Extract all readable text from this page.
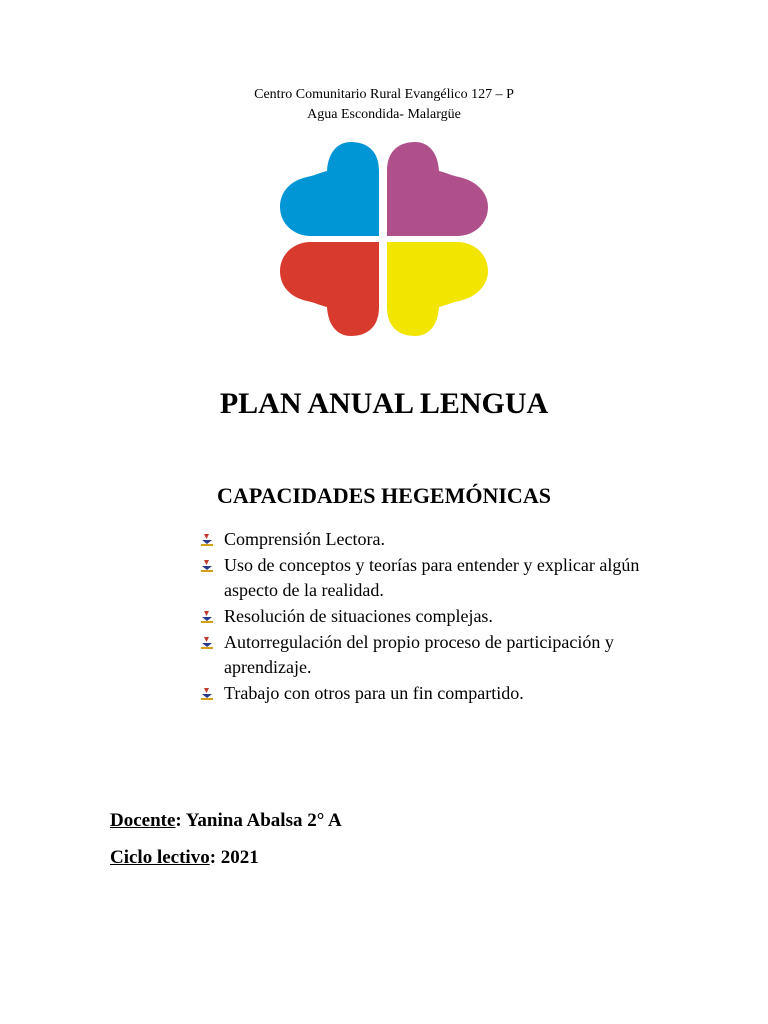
Centro Comunitario Rural Evangélico 127 – P
Agua Escondida- Malargüe
PLAN ANUAL LENGUA
CAPACIDADES HEGEMÓNICAS
Comprensión Lectora.
Uso de conceptos y teorías para entender y explicar algún aspecto de la realidad.
Resolución de situaciones complejas.
Autorregulación del propio proceso de participación y aprendizaje.
Trabajo con otros para un fin compartido.
Docente: Yanina Abalsa 2° A
Ciclo lectivo: 2021
